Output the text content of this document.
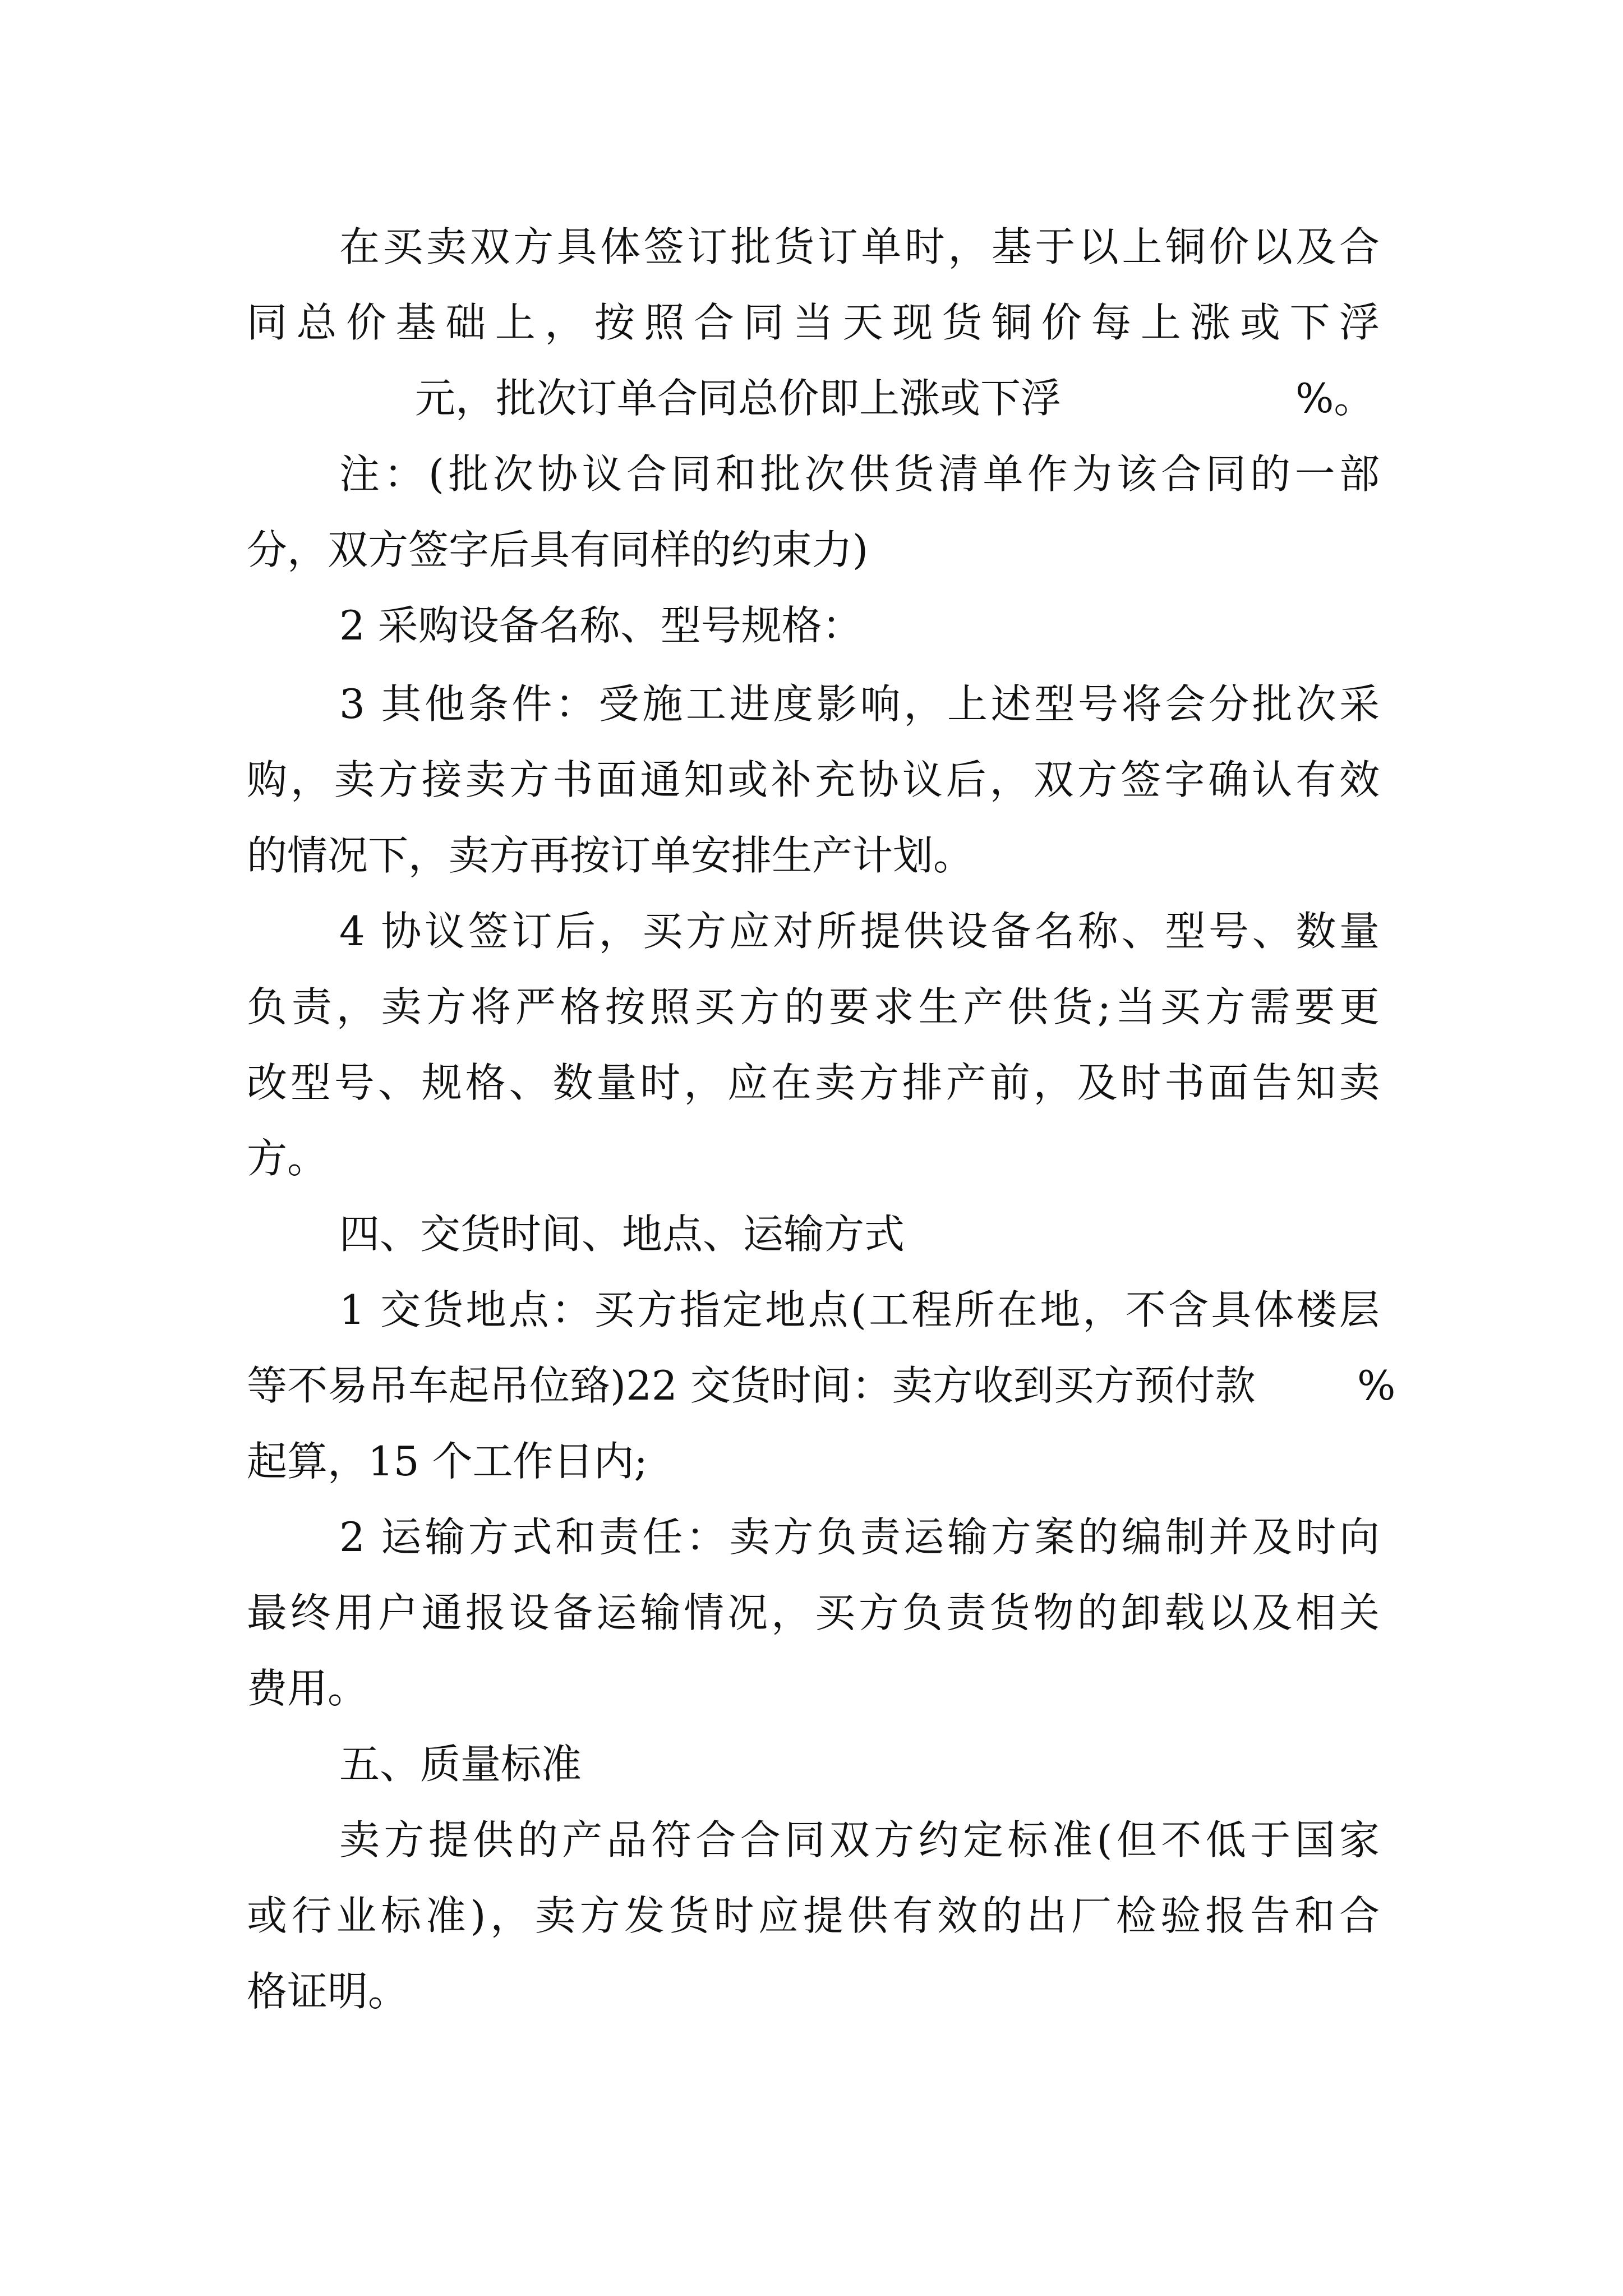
在买卖双方具体签订批货订单时，基于以上铜价以及合
同总价基础上，按照合同当天现货铜价每上涨或下浮
元，批次订单合同总价即上涨或下浮	%。
注：(批次协议合同和批次供货清单作为该合同的一部
分，双方签字后具有同样的约束力)
2 采购设备名称、型号规格：
3 其他条件：受施工进度影响，上述型号将会分批次采
购，卖方接卖方书面通知或补充协议后，双方签字确认有效
的情况下，卖方再按订单安排生产计划。
4 协议签订后，买方应对所提供设备名称、型号、数量
负责，卖方将严格按照买方的要求生产供货;当买方需要更
改型号、规格、数量时，应在卖方排产前，及时书面告知卖
方。
四、交货时间、地点、运输方式
1 交货地点：买方指定地点(工程所在地，不含具体楼层
等不易吊车起吊位臵)22 交货时间：卖方收到买方预付款	%
起算，15 个工作日内;
2 运输方式和责任：卖方负责运输方案的编制并及时向
最终用户通报设备运输情况，买方负责货物的卸载以及相关
费用。
五、质量标准
卖方提供的产品符合合同双方约定标准(但不低于国家
或行业标准)，卖方发货时应提供有效的出厂检验报告和合
格证明。
